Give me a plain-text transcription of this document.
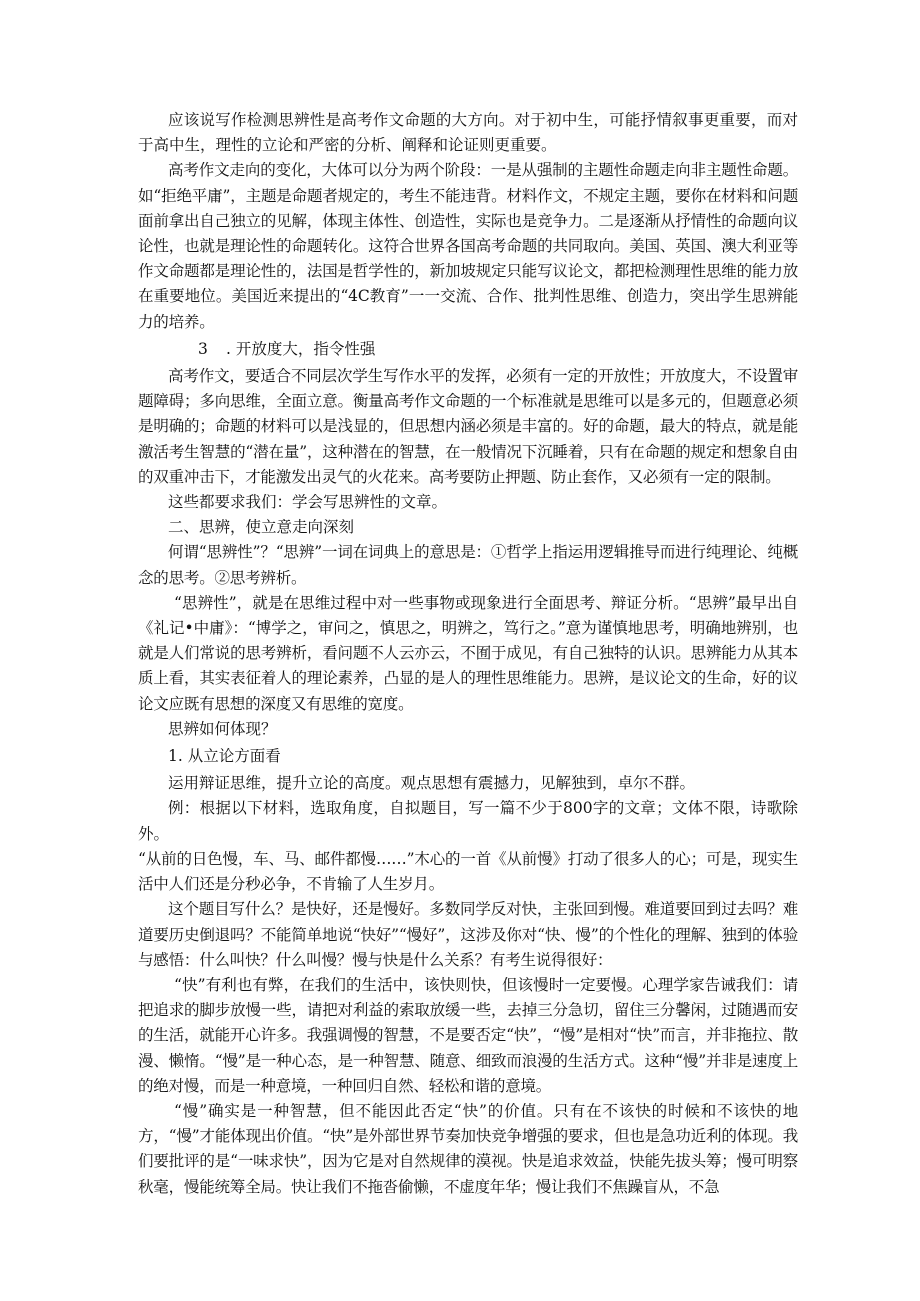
应该说写作检测思辨性是高考作文命题的大方向。对于初中生，可能抒情叙事更重要，而对于高中生，理性的立论和严密的分析、阐释和论证则更重要。

高考作文走向的变化，大体可以分为两个阶段：一是从强制的主题性命题走向非主题性命题。如“拒绝平庸”，主题是命题者规定的，考生不能违背。材料作文，不规定主题，要你在材料和问题面前拿出自己独立的见解，体现主体性、创造性，实际也是竞争力。二是逐渐从抒情性的命题向议论性，也就是理论性的命题转化。这符合世界各国高考命题的共同取向。美国、英国、澳大利亚等作文命题都是理论性的，法国是哲学性的，新加坡规定只能写议论文，都把检测理性思维的能力放在重要地位。美国近来提出的“4C教育”一一交流、合作、批判性思维、创造力，突出学生思辨能力的培养。

3 . 开放度大，指令性强

高考作文，要适合不同层次学生写作水平的发挥，必须有一定的开放性；开放度大，不设置审题障碍；多向思维，全面立意。衡量高考作文命题的一个标准就是思维可以是多元的，但题意必须是明确的；命题的材料可以是浅显的，但思想内涵必须是丰富的。好的命题，最大的特点，就是能激活考生智慧的“潜在量”，这种潜在的智慧，在一般情况下沉睡着，只有在命题的规定和想象自由的双重冲击下，才能激发出灵气的火花来。高考要防止押题、防止套作，又必须有一定的限制。

这些都要求我们：学会写思辨性的文章。

二、思辨，使立意走向深刻

何谓“思辨性”？“思辨”一词在词典上的意思是：①哲学上指运用逻辑推导而进行纯理论、纯概念的思考。②思考辨析。

“思辨性”，就是在思维过程中对一些事物或现象进行全面思考、辩证分析。“思辨”最早出自《礼记•中庸》：“博学之，审问之，慎思之，明辨之，笃行之。”意为谨慎地思考，明确地辨别，也就是人们常说的思考辨析，看问题不人云亦云，不囿于成见，有自己独特的认识。思辨能力从其本质上看，其实表征着人的理论素养，凸显的是人的理性思维能力。思辨，是议论文的生命，好的议论文应既有思想的深度又有思维的宽度。

思辨如何体现？

1. 从立论方面看

运用辩证思维，提升立论的高度。观点思想有震撼力，见解独到，卓尔不群。

例：根据以下材料，选取角度，自拟题目，写一篇不少于800字的文章；文体不限，诗歌除外。

“从前的日色慢，车、马、邮件都慢……”木心的一首《从前慢》打动了很多人的心；可是，现实生活中人们还是分秒必争，不肯输了人生岁月。

这个题目写什么？是快好，还是慢好。多数同学反对快，主张回到慢。难道要回到过去吗？难道要历史倒退吗？不能简单地说“快好”“慢好”，这涉及你对“快、慢”的个性化的理解、独到的体验与感悟：什么叫快？什么叫慢？慢与快是什么关系？有考生说得很好：

“快”有利也有弊，在我们的生活中，该快则快，但该慢时一定要慢。心理学家告诫我们：请把追求的脚步放慢一些，请把对利益的索取放缓一些，去掉三分急切，留住三分馨闲，过随遇而安的生活，就能开心许多。我强调慢的智慧，不是要否定“快”，“慢”是相对“快”而言，并非拖拉、散漫、懒惰。“慢”是一种心态，是一种智慧、随意、细致而浪漫的生活方式。这种“慢”并非是速度上的绝对慢，而是一种意境，一种回归自然、轻松和谐的意境。

“慢”确实是一种智慧，但不能因此否定“快”的价值。只有在不该快的时候和不该快的地方，“慢”才能体现出价值。“快”是外部世界节奏加快竞争增强的要求，但也是急功近利的体现。我们要批评的是“一味求快”，因为它是对自然规律的漠视。快是追求效益，快能先拔头筹；慢可明察秋毫，慢能统筹全局。快让我们不拖沓偷懒，不虚度年华；慢让我们不焦躁盲从，不急
